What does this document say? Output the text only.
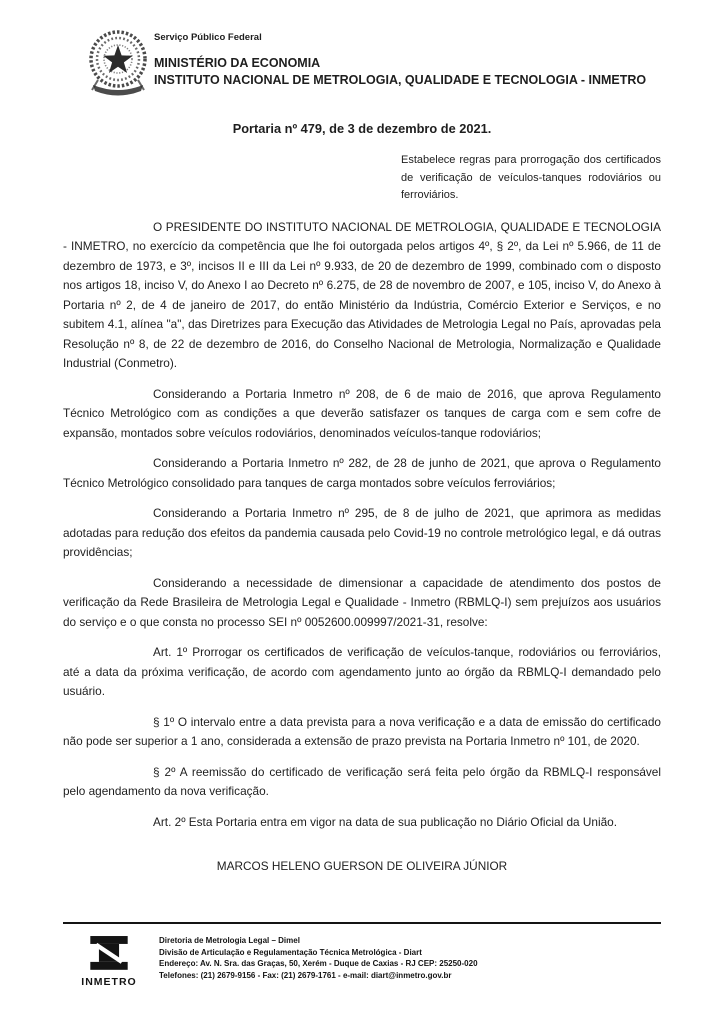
Serviço Público Federal
MINISTÉRIO DA ECONOMIA
INSTITUTO NACIONAL DE METROLOGIA, QUALIDADE E TECNOLOGIA - INMETRO
Portaria nº 479, de 3 de dezembro de 2021.
Estabelece regras para prorrogação dos certificados de verificação de veículos-tanques rodoviários ou ferroviários.

O PRESIDENTE DO INSTITUTO NACIONAL DE METROLOGIA, QUALIDADE E TECNOLOGIA - INMETRO, no exercício da competência que lhe foi outorgada pelos artigos 4º, § 2º, da Lei nº 5.966, de 11 de dezembro de 1973, e 3º, incisos II e III da Lei nº 9.933, de 20 de dezembro de 1999, combinado com o disposto nos artigos 18, inciso V, do Anexo I ao Decreto nº 6.275, de 28 de novembro de 2007, e 105, inciso V, do Anexo à Portaria nº 2, de 4 de janeiro de 2017, do então Ministério da Indústria, Comércio Exterior e Serviços, e no subitem 4.1, alínea "a", das Diretrizes para Execução das Atividades de Metrologia Legal no País, aprovadas pela Resolução nº 8, de 22 de dezembro de 2016, do Conselho Nacional de Metrologia, Normalização e Qualidade Industrial (Conmetro).

Considerando a Portaria Inmetro nº 208, de 6 de maio de 2016, que aprova Regulamento Técnico Metrológico com as condições a que deverão satisfazer os tanques de carga com e sem cofre de expansão, montados sobre veículos rodoviários, denominados veículos-tanque rodoviários;

Considerando a Portaria Inmetro nº 282, de 28 de junho de 2021, que aprova o Regulamento Técnico Metrológico consolidado para tanques de carga montados sobre veículos ferroviários;

Considerando a Portaria Inmetro nº 295, de 8 de julho de 2021, que aprimora as medidas adotadas para redução dos efeitos da pandemia causada pelo Covid-19 no controle metrológico legal, e dá outras providências;

Considerando a necessidade de dimensionar a capacidade de atendimento dos postos de verificação da Rede Brasileira de Metrologia Legal e Qualidade - Inmetro (RBMLQ-I) sem prejuízos aos usuários do serviço e o que consta no processo SEI nº 0052600.009997/2021-31, resolve:

Art. 1º Prorrogar os certificados de verificação de veículos-tanque, rodoviários ou ferroviários, até a data da próxima verificação, de acordo com agendamento junto ao órgão da RBMLQ-I demandado pelo usuário.

§ 1º O intervalo entre a data prevista para a nova verificação e a data de emissão do certificado não pode ser superior a 1 ano, considerada a extensão de prazo prevista na Portaria Inmetro nº 101, de 2020.

§ 2º A reemissão do certificado de verificação será feita pelo órgão da RBMLQ-I responsável pelo agendamento da nova verificação.

Art. 2º Esta Portaria entra em vigor na data de sua publicação no Diário Oficial da União.

MARCOS HELENO GUERSON DE OLIVEIRA JÚNIOR
INMETRO
Diretoria de Metrologia Legal – Dimel
Divisão de Articulação e Regulamentação Técnica Metrológica - Diart
Endereço: Av. N. Sra. das Graças, 50, Xerém - Duque de Caxias - RJ CEP: 25250-020
Telefones: (21) 2679-9156 - Fax: (21) 2679-1761 - e-mail: diart@inmetro.gov.br
